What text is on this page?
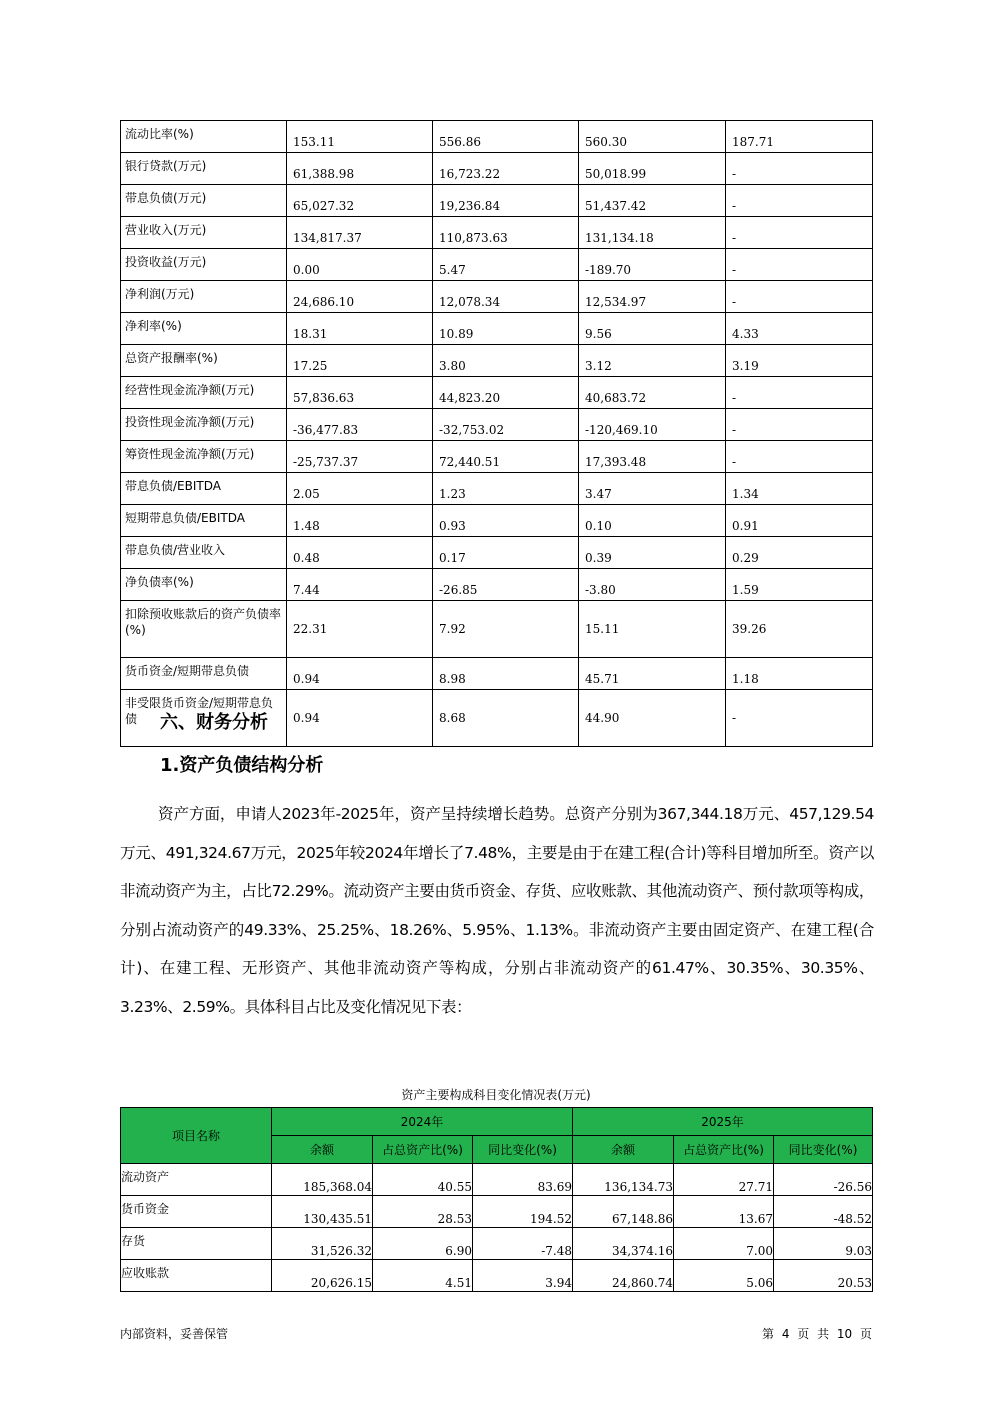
流动比率(%)	153.11	556.86	560.30	187.71
银行贷款(万元)	61,388.98	16,723.22	50,018.99	-
带息负债(万元)	65,027.32	19,236.84	51,437.42	-
营业收入(万元)	134,817.37	110,873.63	131,134.18	-
投资收益(万元)	0.00	5.47	-189.70	-
净利润(万元)	24,686.10	12,078.34	12,534.97	-
净利率(%)	18.31	10.89	9.56	4.33
总资产报酬率(%)	17.25	3.80	3.12	3.19
经营性现金流净额(万元)	57,836.63	44,823.20	40,683.72	-
投资性现金流净额(万元)	-36,477.83	-32,753.02	-120,469.10	-
筹资性现金流净额(万元)	-25,737.37	72,440.51	17,393.48	-
带息负债/EBITDA	2.05	1.23	3.47	1.34
短期带息负债/EBITDA	1.48	0.93	0.10	0.91
带息负债/营业收入	0.48	0.17	0.39	0.29
净负债率(%)	7.44	-26.85	-3.80	1.59
扣除预收账款后的资产负债率(%)	22.31	7.92	15.11	39.26
货币资金/短期带息负债	0.94	8.98	45.71	1.18
非受限货币资金/短期带息负债	0.94	8.68	44.90	-
六、财务分析
1.资产负债结构分析
资产方面，申请人2023年-2025年，资产呈持续增长趋势。总资产分别为367,344.18万元、457,129.54万元、491,324.67万元，2025年较2024年增长了7.48%，主要是由于在建工程(合计)等科目增加所至。资产以非流动资产为主，占比72.29%。流动资产主要由货币资金、存货、应收账款、其他流动资产、预付款项等构成，分别占流动资产的49.33%、25.25%、18.26%、5.95%、1.13%。非流动资产主要由固定资产、在建工程(合计)、在建工程、无形资产、其他非流动资产等构成，分别占非流动资产的61.47%、30.35%、30.35%、3.23%、2.59%。具体科目占比及变化情况见下表：
资产主要构成科目变化情况表(万元)
项目名称	2024年			2025年		
	余额	占总资产比(%)	同比变化(%)	余额	占总资产比(%)	同比变化(%)
流动资产	185,368.04	40.55	83.69	136,134.73	27.71	-26.56
货币资金	130,435.51	28.53	194.52	67,148.86	13.67	-48.52
存货	31,526.32	6.90	-7.48	34,374.16	7.00	9.03
应收账款	20,626.15	4.51	3.94	24,860.74	5.06	20.53
内部资料，妥善保管	第 4 页 共 10 页
